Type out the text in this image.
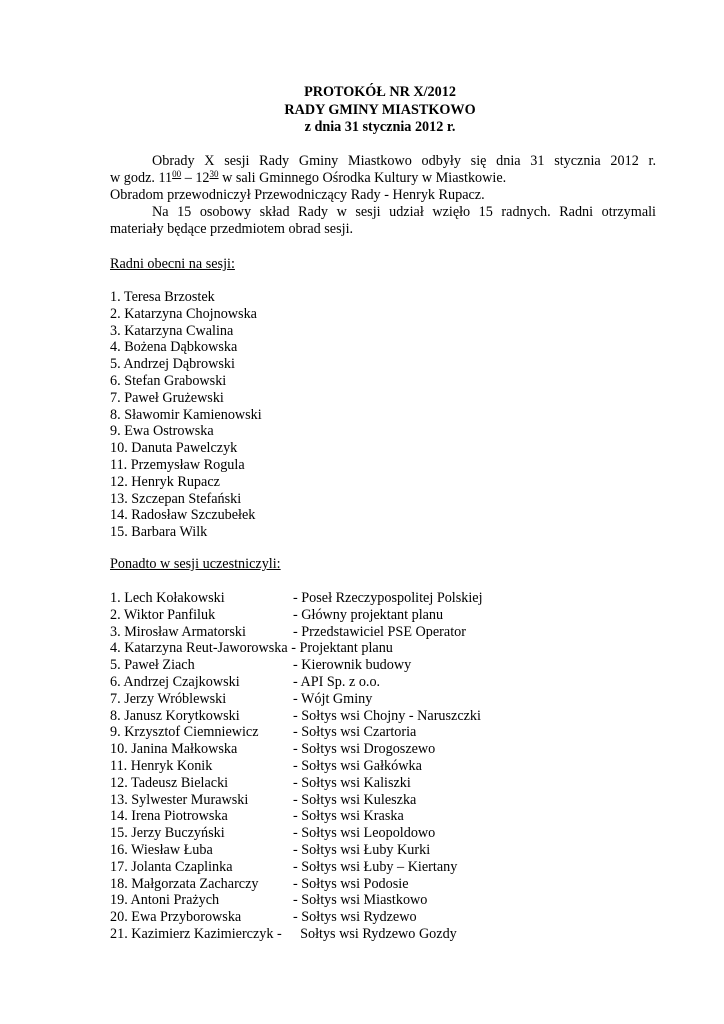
PROTOKÓŁ NR X/2012
RADY GMINY MIASTKOWO
z dnia 31 stycznia 2012 r.
Obrady X sesji Rady Gminy Miastkowo odbyły się dnia 31 stycznia 2012 r.
w godz. $11^{00} - 12^{30}$ w sali Gminnego Ośrodka Kultury w Miastkowie.
Obradom przewodniczył Przewodniczący Rady - Henryk Rupacz.
Na 15 osobowy skład Rady w sesji udział wzięło 15 radnych. Radni otrzymali
materiały będące przedmiotem obrad sesji.
Radni obecni na sesji:
1. Teresa Brzostek
2. Katarzyna Chojnowska
3. Katarzyna Cwalina
4. Bożena Dąbkowska
5. Andrzej Dąbrowski
6. Stefan Grabowski
7. Paweł Grużewski
8. Sławomir Kamienowski
9. Ewa Ostrowska
10. Danuta Pawelczyk
11. Przemysław Rogula
12. Henryk Rupacz
13. Szczepan Stefański
14. Radosław Szczubełek
15. Barbara Wilk
Ponadto w sesji uczestniczyli:
1. Lech Kołakowski	- Poseł Rzeczypospolitej Polskiej
2. Wiktor Panfiluk	- Główny projektant planu
3. Mirosław Armatorski	- Przedstawiciel PSE Operator
4. Katarzyna Reut-Jaworowska - Projektant planu
5. Paweł Ziach	- Kierownik budowy
6. Andrzej Czajkowski	- API Sp. z o.o.
7. Jerzy Wróblewski	- Wójt Gminy
8. Janusz Korytkowski	- Sołtys wsi Chojny - Naruszczki
9. Krzysztof Ciemniewicz - Sołtys wsi Czartoria
10. Janina Małkowska	- Sołtys wsi Drogoszewo
11. Henryk Konik	- Sołtys wsi Gałkówka
12. Tadeusz Bielacki	- Sołtys wsi Kaliszki
13. Sylwester Murawski	- Sołtys wsi Kuleszka
14. Irena Piotrowska	- Sołtys wsi Kraska
15. Jerzy Buczyński	- Sołtys wsi Leopoldowo
16. Wiesław Łuba	- Sołtys wsi Łuby Kurki
17. Jolanta Czaplinka	- Sołtys wsi Łuby – Kiertany
18. Małgorzata Zacharczy - Sołtys wsi Podosie
19. Antoni Prażych	- Sołtys wsi Miastkowo
20. Ewa Przyborowska	- Sołtys wsi Rydzewo
21. Kazimierz Kazimierczyk - Sołtys wsi Rydzewo Gozdy
